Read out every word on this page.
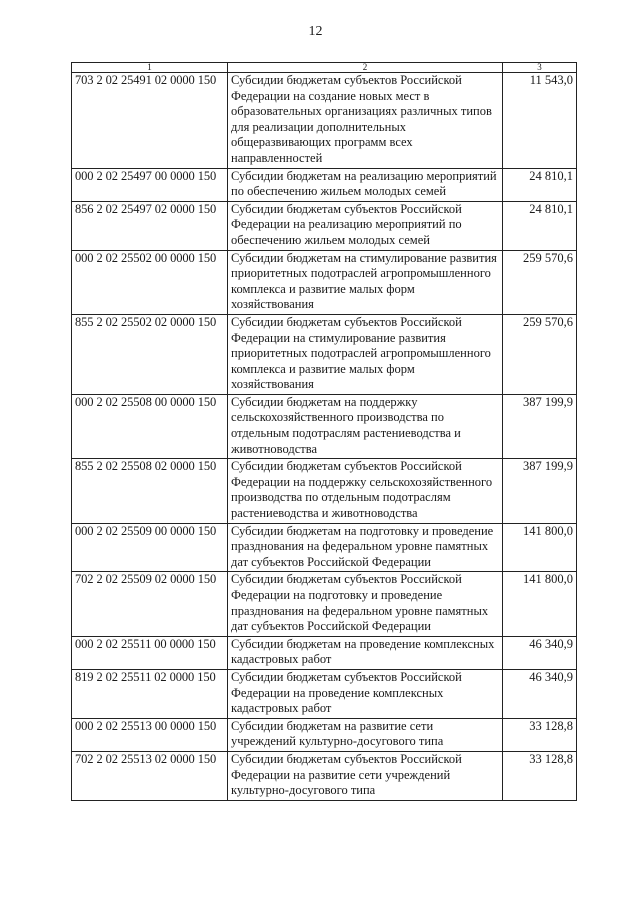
12
1	2	3
703 2 02 25491 02 0000 150	Субсидии бюджетам субъектов Российской Федерации на создание новых мест в образовательных организациях различных типов для реализации дополнительных общеразвивающих программ всех направленностей	11 543,0
000 2 02 25497 00 0000 150	Субсидии бюджетам на реализацию мероприятий по обеспечению жильем молодых семей	24 810,1
856 2 02 25497 02 0000 150	Субсидии бюджетам субъектов Российской Федерации на реализацию мероприятий по обеспечению жильем молодых семей	24 810,1
000 2 02 25502 00 0000 150	Субсидии бюджетам на стимулирование развития приоритетных подотраслей агропромышленного комплекса и развитие малых форм хозяйствования	259 570,6
855 2 02 25502 02 0000 150	Субсидии бюджетам субъектов Российской Федерации на стимулирование развития приоритетных подотраслей агропромышленного комплекса и развитие малых форм хозяйствования	259 570,6
000 2 02 25508 00 0000 150	Субсидии бюджетам на поддержку сельскохозяйственного производства по отдельным подотраслям растениеводства и животноводства	387 199,9
855 2 02 25508 02 0000 150	Субсидии бюджетам субъектов Российской Федерации на поддержку сельскохозяйственного производства по отдельным подотраслям растениеводства и животноводства	387 199,9
000 2 02 25509 00 0000 150	Субсидии бюджетам на подготовку и проведение празднования на федеральном уровне памятных дат субъектов Российской Федерации	141 800,0
702 2 02 25509 02 0000 150	Субсидии бюджетам субъектов Российской Федерации на подготовку и проведение празднования на федеральном уровне памятных дат субъектов Российской Федерации	141 800,0
000 2 02 25511 00 0000 150	Субсидии бюджетам на проведение комплексных кадастровых работ	46 340,9
819 2 02 25511 02 0000 150	Субсидии бюджетам субъектов Российской Федерации на проведение комплексных кадастровых работ	46 340,9
000 2 02 25513 00 0000 150	Субсидии бюджетам на развитие сети учреждений культурно-досугового типа	33 128,8
702 2 02 25513 02 0000 150	Субсидии бюджетам субъектов Российской Федерации на развитие сети учреждений культурно-досугового типа	33 128,8
